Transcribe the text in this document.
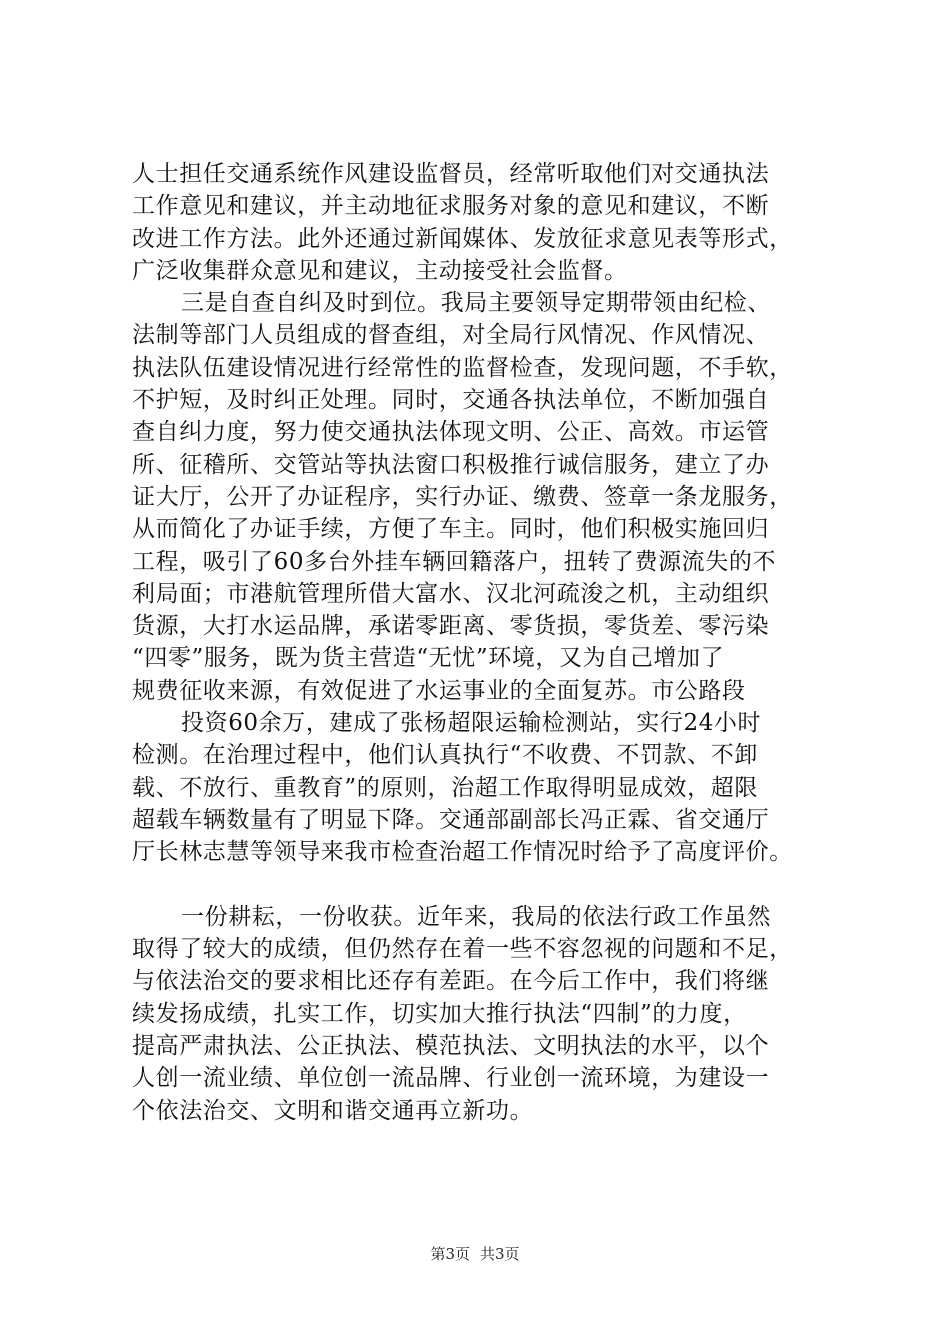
人士担任交通系统作风建设监督员，经常听取他们对交通执法
工作意见和建议，并主动地征求服务对象的意见和建议，不断
改进工作方法。此外还通过新闻媒体、发放征求意见表等形式，
广泛收集群众意见和建议，主动接受社会监督。
三是自查自纠及时到位。我局主要领导定期带领由纪检、
法制等部门人员组成的督查组，对全局行风情况、作风情况、
执法队伍建设情况进行经常性的监督检查，发现问题，不手软，
不护短，及时纠正处理。同时，交通各执法单位，不断加强自
查自纠力度，努力使交通执法体现文明、公正、高效。市运管
所、征稽所、交管站等执法窗口积极推行诚信服务，建立了办
证大厅，公开了办证程序，实行办证、缴费、签章一条龙服务，
从而简化了办证手续，方便了车主。同时，他们积极实施回归
工程，吸引了60多台外挂车辆回籍落户，扭转了费源流失的不
利局面；市港航管理所借大富水、汉北河疏浚之机，主动组织
货源，大打水运品牌，承诺零距离、零货损，零货差、零污染
“四零”服务，既为货主营造“无忧”环境，又为自己增加了
规费征收来源，有效促进了水运事业的全面复苏。市公路段
投资60余万，建成了张杨超限运输检测站，实行24小时
检测。在治理过程中，他们认真执行“不收费、不罚款、不卸
载、不放行、重教育”的原则，治超工作取得明显成效，超限
超载车辆数量有了明显下降。交通部副部长冯正霖、省交通厅
厅长林志慧等领导来我市检查治超工作情况时给予了高度评价。
一份耕耘，一份收获。近年来，我局的依法行政工作虽然
取得了较大的成绩，但仍然存在着一些不容忽视的问题和不足，
与依法治交的要求相比还存有差距。在今后工作中，我们将继
续发扬成绩，扎实工作，切实加大推行执法“四制”的力度，
提高严肃执法、公正执法、模范执法、文明执法的水平，以个
人创一流业绩、单位创一流品牌、行业创一流环境，为建设一
个依法治交、文明和谐交通再立新功。
第3页 共3页
